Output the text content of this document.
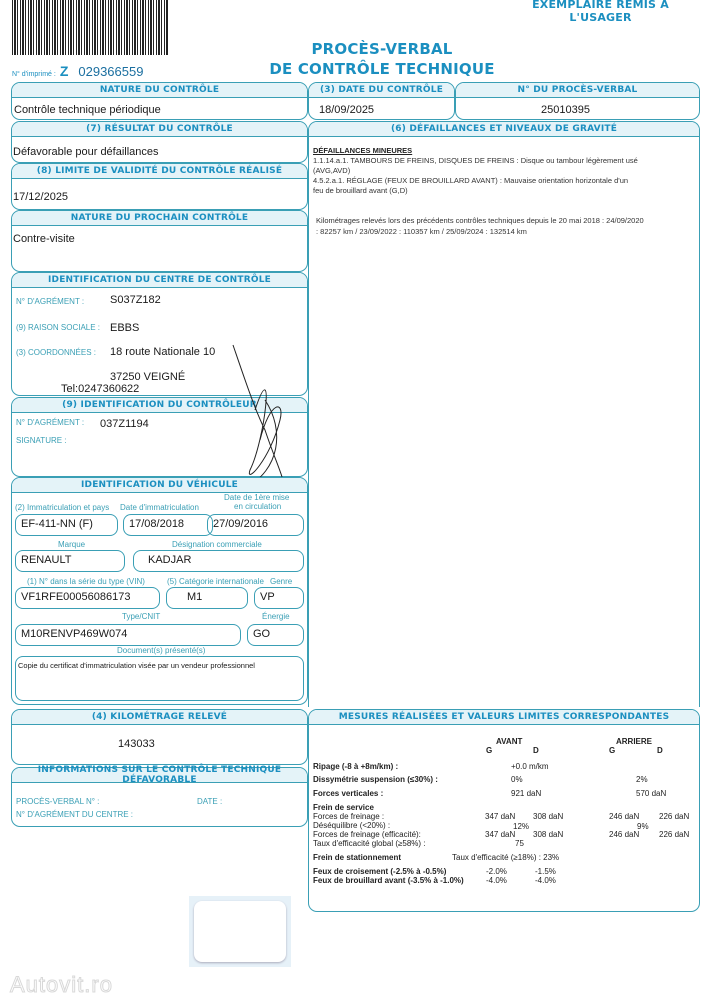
EXEMPLAIRE REMIS A L'USAGER
PROCÈS-VERBAL
DE CONTRÔLE TECHNIQUE
N° d'imprimé : Z 029366559
NATURE DU CONTRÔLE
Contrôle technique périodique
(3) DATE DU CONTRÔLE
18/09/2025
N° DU PROCÈS-VERBAL
25010395
(7) RÉSULTAT DU CONTRÔLE
Défavorable pour défaillances
(8) LIMITE DE VALIDITÉ DU CONTRÔLE RÉALISÉ
17/12/2025
NATURE DU PROCHAIN CONTRÔLE
Contre-visite
IDENTIFICATION DU CENTRE DE CONTRÔLE
N° D'AGRÉMENT : S037Z182
(9) RAISON SOCIALE : EBBS
(3) COORDONNÉES : 18 route Nationale 10
37250 VEIGNÉ
Tel:0247360622
(9) IDENTIFICATION DU CONTRÔLEUR
N° D'AGRÉMENT : 037Z1194
SIGNATURE :
IDENTIFICATION DU VÉHICULE
(2) Immatriculation et pays Date d'immatriculation
Date de 1ère mise
en circulation
EF-411-NN (F)	17/08/2018	27/09/2016
Marque	Désignation commerciale
RENAULT	KADJAR
(1) N° dans la série du type (VIN)	(5) Catégorie internationale Genre
VF1RFE00056086173	M1	VP
Type/CNIT	Énergie
M10RENVP469W074	GO
Document(s) présenté(s)
Copie du certificat d'immatriculation visée par un vendeur professionnel
(4) KILOMÉTRAGE RELEVÉ
143033
INFORMATIONS SUR LE CONTRÔLE TECHNIQUE DÉFAVORABLE
PROCÈS-VERBAL N° :	DATE :
N° D'AGRÉMENT DU CENTRE :
(6) DÉFAILLANCES ET NIVEAUX DE GRAVITÉ
DÉFAILLANCES MINEURES
1.1.14.a.1. TAMBOURS DE FREINS, DISQUES DE FREINS : Disque ou tambour légèrement usé
(AVG,AVD)
4.5.2.a.1. RÉGLAGE (FEUX DE BROUILLARD AVANT) : Mauvaise orientation horizontale d'un
feu de brouillard avant (G,D)
Kilométrages relevés lors des précédents contrôles techniques depuis le 20 mai 2018 : 24/09/2020
: 82257 km / 23/09/2022 : 110357 km / 25/09/2024 : 132514 km
MESURES RÉALISÉES ET VALEURS LIMITES CORRESPONDANTES
AVANT
G	D
ARRIERE
G	D
Ripage (-8 à +8m/km) :	+0.0 m/km
Dissymétrie suspension (≤30%) :	0%	2%
Forces verticales :	921 daN	570 daN
Frein de service
Forces de freinage :	347 daN 308 daN	246 daN 226 daN
Déséquilibre (<20%) :	12%	9%
Forces de freinage (efficacité):	347 daN 308 daN	246 daN 226 daN
Taux d'efficacité global (≥58%) :	75
Frein de stationnement	Taux d'efficacité (≥18%) : 23%
Feux de croisement (-2.5% à -0.5%)	-2.0%	-1.5%
Feux de brouillard avant (-3.5% à -1.0%)	-4.0%	-4.0%
Autovit.ro
